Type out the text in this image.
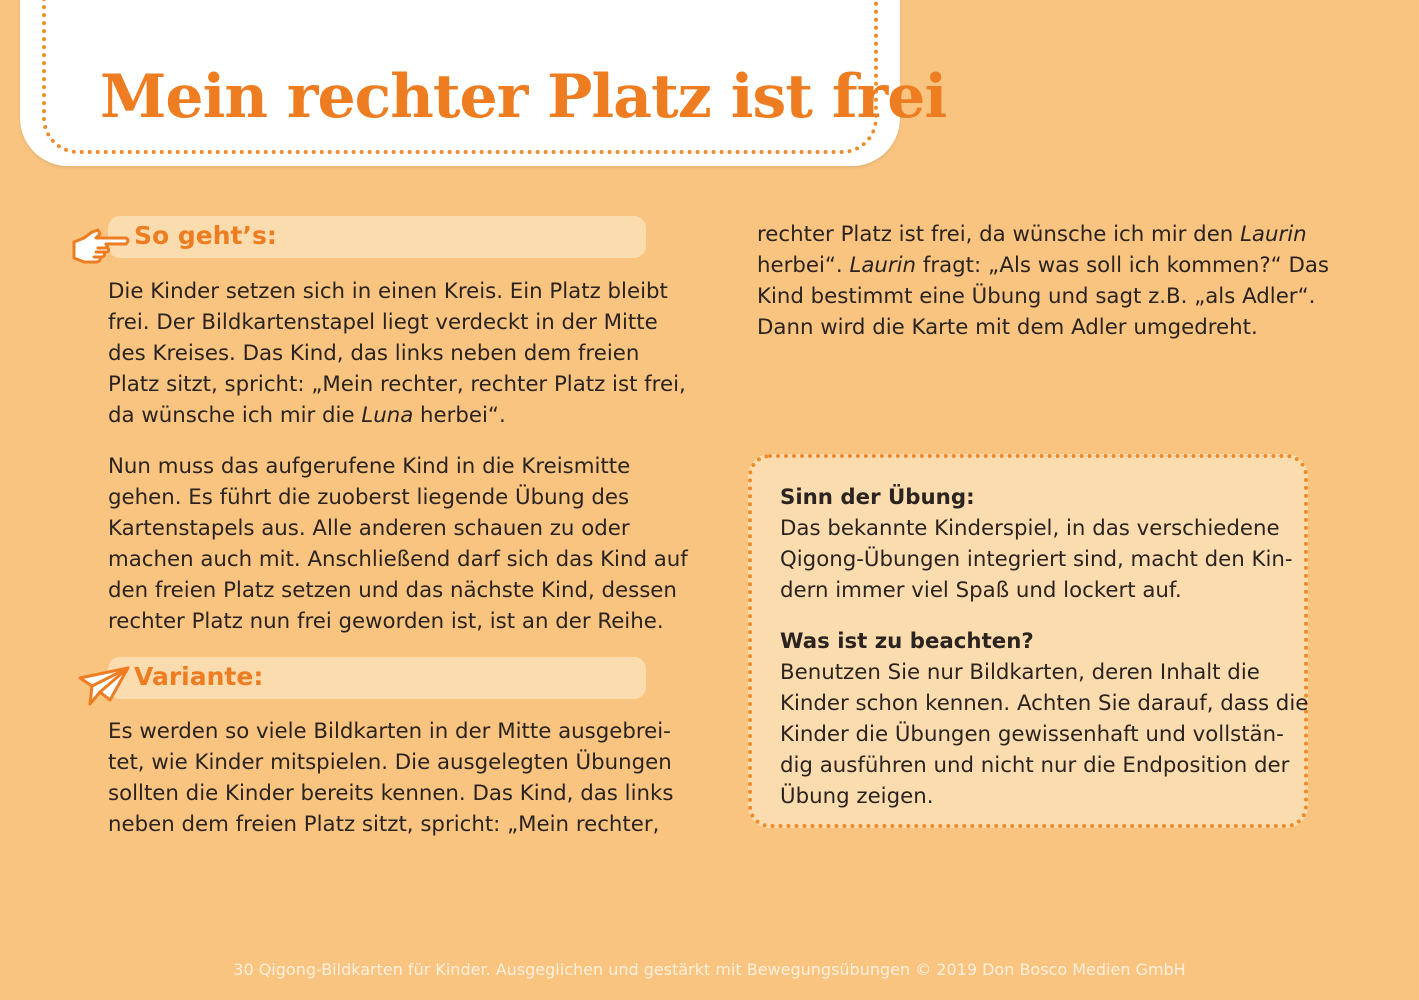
Mein rechter Platz ist frei
So geht’s:

Die Kinder setzen sich in einen Kreis. Ein Platz bleibt
frei. Der Bildkartenstapel liegt verdeckt in der Mitte
des Kreises. Das Kind, das links neben dem freien
Platz sitzt, spricht: „Mein rechter, rechter Platz ist frei,
da wünsche ich mir die Luna herbei“.

Nun muss das aufgerufene Kind in die Kreismitte
gehen. Es führt die zuoberst liegende Übung des
Kartenstapels aus. Alle anderen schauen zu oder
machen auch mit. Anschließend darf sich das Kind auf
den freien Platz setzen und das nächste Kind, dessen
rechter Platz nun frei geworden ist, ist an der Reihe.

Variante:

Es werden so viele Bildkarten in der Mitte ausgebrei-
tet, wie Kinder mitspielen. Die ausgelegten Übungen
sollten die Kinder bereits kennen. Das Kind, das links
neben dem freien Platz sitzt, spricht: „Mein rechter,

rechter Platz ist frei, da wünsche ich mir den Laurin
herbei“. Laurin fragt: „Als was soll ich kommen?“ Das
Kind bestimmt eine Übung und sagt z.B. „als Adler“.
Dann wird die Karte mit dem Adler umgedreht.

Sinn der Übung:

Das bekannte Kinderspiel, in das verschiedene
Qigong-Übungen integriert sind, macht den Kin-
dern immer viel Spaß und lockert auf.

Was ist zu beachten?

Benutzen Sie nur Bildkarten, deren Inhalt die
Kinder schon kennen. Achten Sie darauf, dass die
Kinder die Übungen gewissenhaft und vollstän-
dig ausführen und nicht nur die Endposition der
Übung zeigen.

30 Qigong-Bildkarten für Kinder. Ausgeglichen und gestärkt mit Bewegungsübungen © 2019 Don Bosco Medien GmbH
